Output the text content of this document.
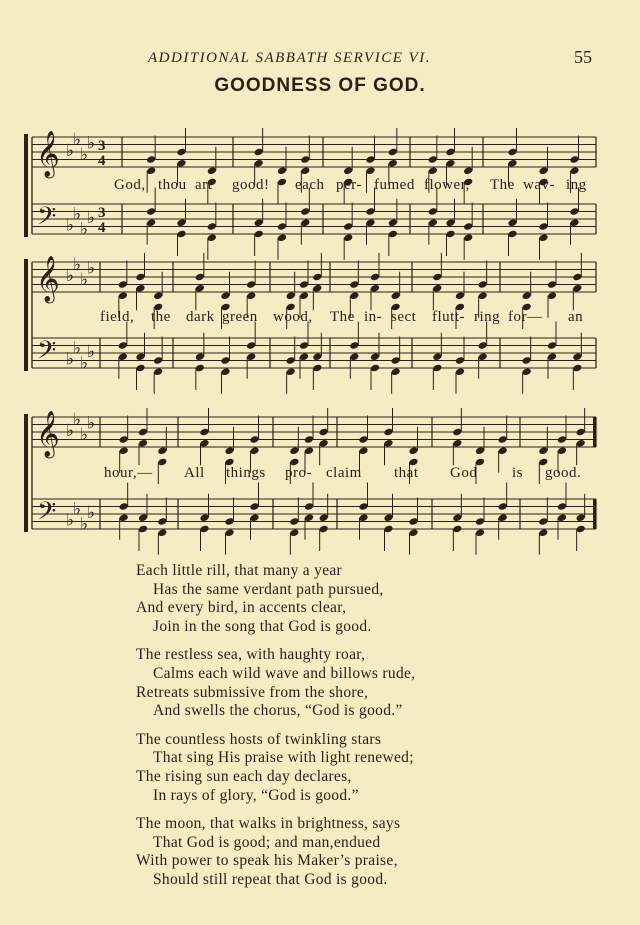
ADDITIONAL SABBATH SERVICE VI.	55
GOODNESS OF GOD.
𝄞 ♭
♭
♭
♭ 3
4
𝄢 ♭
♭
♭
♭ 3
4
𝄞 ♭
♭
♭
♭
𝄢 ♭
♭
♭
♭
𝄞 ♭
♭
♭
♭
𝄢 ♭
♭
♭
♭
God, thou art good! each per- fumed flower, The wav- ing
field, the dark green wood, The in- sect flutt- ring for— an
hour,— All things pro- claim that God is good.
Each little rill, that many a year
Has the same verdant path pursued,
And every bird, in accents clear,
Join in the song that God is good.
The restless sea, with haughty roar,
Calms each wild wave and billows rude,
Retreats submissive from the shore,
And swells the chorus, “God is good.”
The countless hosts of twinkling stars
That sing His praise with light renewed;
The rising sun each day declares,
In rays of glory, “God is good.”
The moon, that walks in brightness, says
That God is good; and man,endued
With power to speak his Maker’s praise,
Should still repeat that God is good.
